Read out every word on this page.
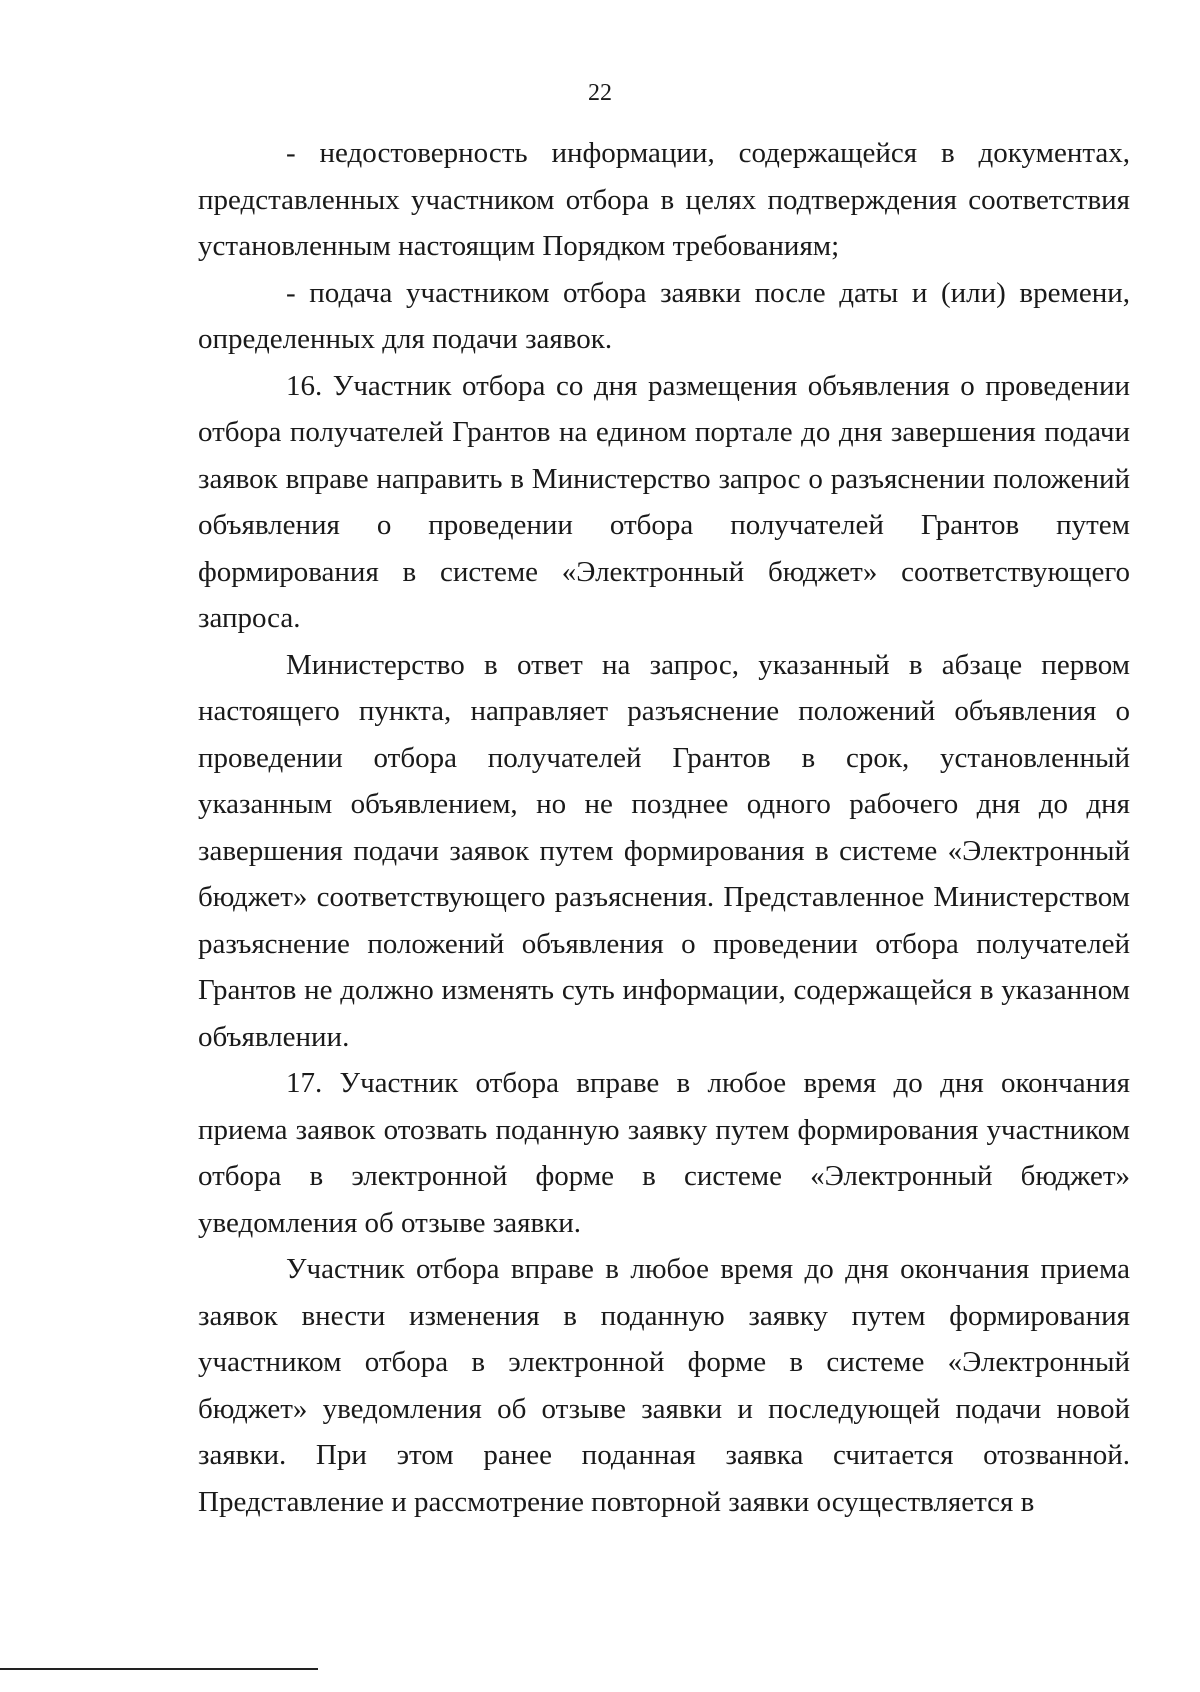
22

- недостоверность информации, содержащейся в документах, представленных участником отбора в целях подтверждения соответствия установленным настоящим Порядком требованиям;

- подача участником отбора заявки после даты и (или) времени, определенных для подачи заявок.

16. Участник отбора со дня размещения объявления о проведении отбора получателей Грантов на едином портале до дня завершения подачи заявок вправе направить в Министерство запрос о разъяснении положений объявления о проведении отбора получателей Грантов путем формирования в системе «Электронный бюджет» соответствующего запроса.

Министерство в ответ на запрос, указанный в абзаце первом настоящего пункта, направляет разъяснение положений объявления о проведении отбора получателей Грантов в срок, установленный указанным объявлением, но не позднее одного рабочего дня до дня завершения подачи заявок путем формирования в системе «Электронный бюджет» соответствующего разъяснения. Представленное Министерством разъяснение положений объявления о проведении отбора получателей Грантов не должно изменять суть информации, содержащейся в указанном объявлении.

17. Участник отбора вправе в любое время до дня окончания приема заявок отозвать поданную заявку путем формирования участником отбора в электронной форме в системе «Электронный бюджет» уведомления об отзыве заявки.

Участник отбора вправе в любое время до дня окончания приема заявок внести изменения в поданную заявку путем формирования участником отбора в электронной форме в системе «Электронный бюджет» уведомления об отзыве заявки и последующей подачи новой заявки. При этом ранее поданная заявка считается отозванной. Представление и рассмотрение повторной заявки осуществляется в
